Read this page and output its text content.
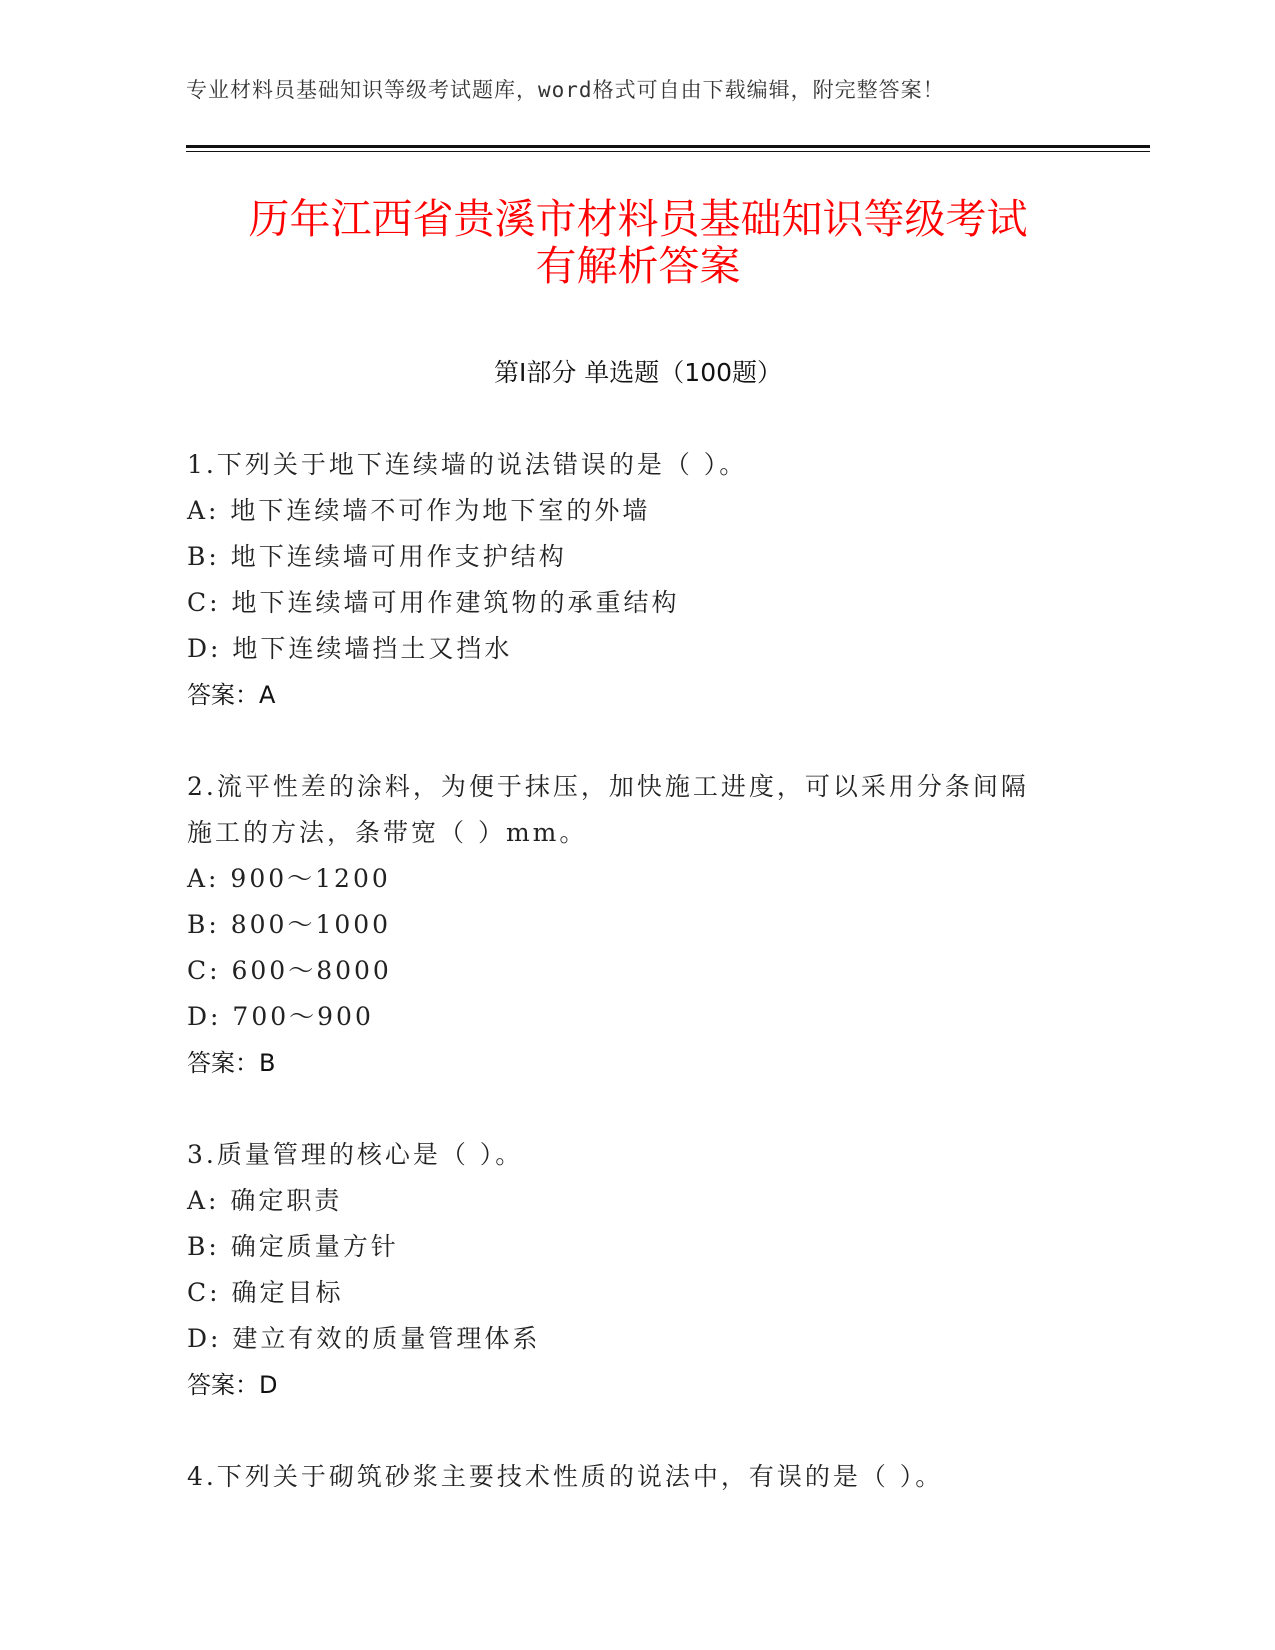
专业材料员基础知识等级考试题库，word格式可自由下载编辑，附完整答案！
历年江西省贵溪市材料员基础知识等级考试
有解析答案
第Ⅰ部分 单选题（100题）
1.下列关于地下连续墙的说法错误的是（ ）。
A: 地下连续墙不可作为地下室的外墙
B: 地下连续墙可用作支护结构
C: 地下连续墙可用作建筑物的承重结构
D: 地下连续墙挡土又挡水
答案：A
2.流平性差的涂料，为便于抹压，加快施工进度，可以采用分条间隔
施工的方法，条带宽（ ）mm。
A: 900～1200
B: 800～1000
C: 600～8000
D: 700～900
答案：B
3.质量管理的核心是（ ）。
A: 确定职责
B: 确定质量方针
C: 确定目标
D: 建立有效的质量管理体系
答案：D
4.下列关于砌筑砂浆主要技术性质的说法中，有误的是（ ）。
